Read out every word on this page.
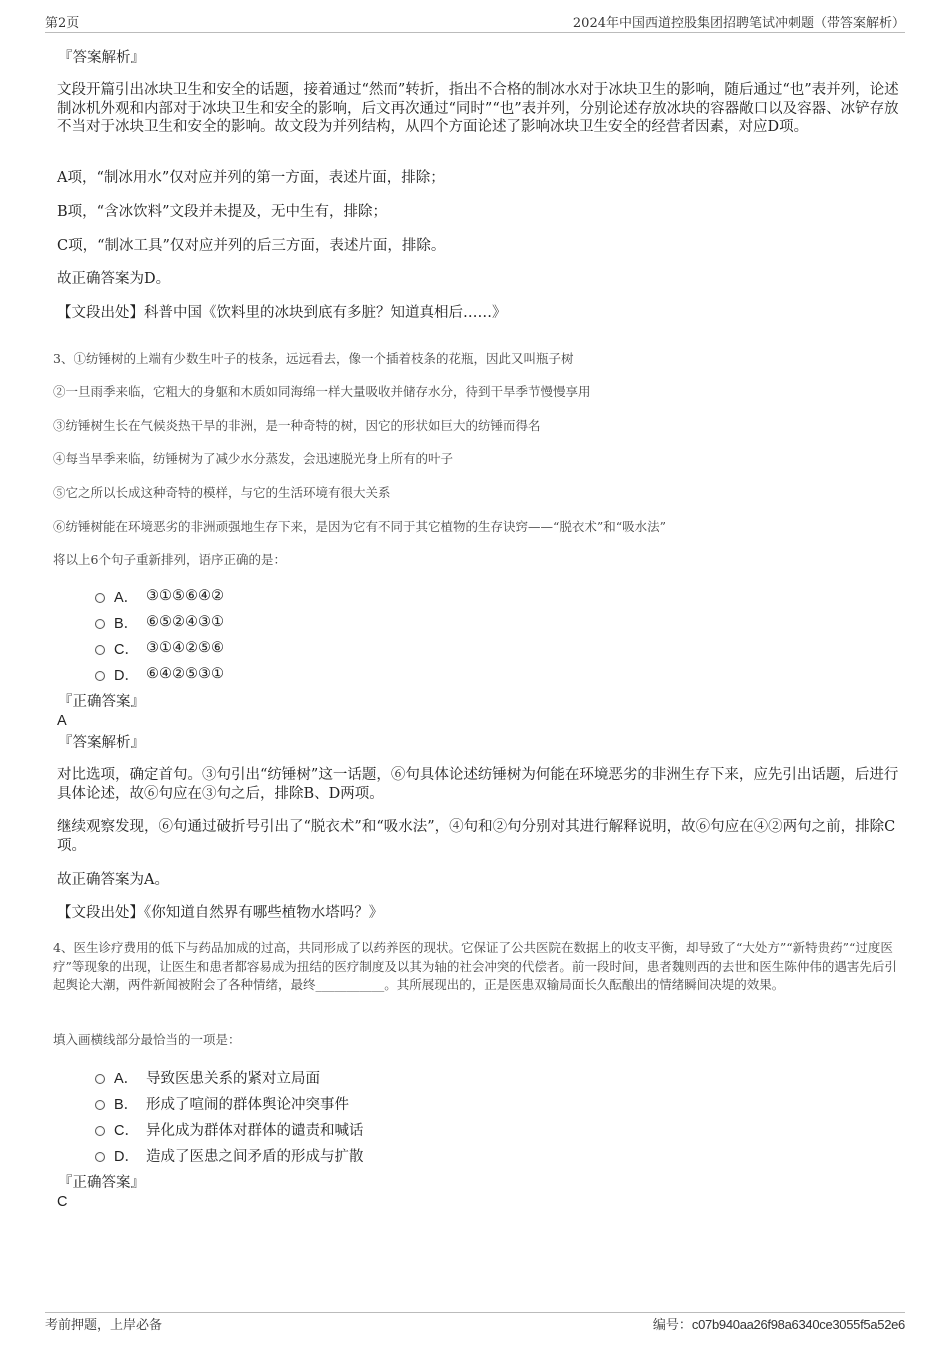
第2页	2024年中国西道控股集团招聘笔试冲刺题（带答案解析）
『答案解析』
文段开篇引出冰块卫生和安全的话题，接着通过“然而”转折，指出不合格的制冰水对于冰块卫生的影响，随后通过“也”表并列，论述制冰机外观和内部对于冰块卫生和安全的影响，后文再次通过“同时”“也”表并列，分别论述存放冰块的容器敞口以及容器、冰铲存放不当对于冰块卫生和安全的影响。故文段为并列结构，从四个方面论述了影响冰块卫生安全的经营者因素，对应D项。
A项，“制冰用水”仅对应并列的第一方面，表述片面，排除；
B项，“含冰饮料”文段并未提及，无中生有，排除；
C项，“制冰工具”仅对应并列的后三方面，表述片面，排除。
故正确答案为D。
【文段出处】科普中国《饮料里的冰块到底有多脏？知道真相后……》
3、①纺锤树的上端有少数生叶子的枝条，远远看去，像一个插着枝条的花瓶，因此又叫瓶子树
②一旦雨季来临，它粗大的身躯和木质如同海绵一样大量吸收并储存水分，待到干旱季节慢慢享用
③纺锤树生长在气候炎热干旱的非洲，是一种奇特的树，因它的形状如巨大的纺锤而得名
④每当旱季来临，纺锤树为了减少水分蒸发，会迅速脱光身上所有的叶子
⑤它之所以长成这种奇特的模样，与它的生活环境有很大关系
⑥纺锤树能在环境恶劣的非洲顽强地生存下来，是因为它有不同于其它植物的生存诀窍——“脱衣术”和“吸水法”
将以上6个句子重新排列，语序正确的是：
A． ③①⑤⑥④②
B． ⑥⑤②④③①
C． ③①④②⑤⑥
D． ⑥④②⑤③①
『正确答案』
A
『答案解析』
对比选项，确定首句。③句引出“纺锤树”这一话题，⑥句具体论述纺锤树为何能在环境恶劣的非洲生存下来，应先引出话题，后进行具体论述，故⑥句应在③句之后，排除B、D两项。
继续观察发现，⑥句通过破折号引出了“脱衣术”和“吸水法”，④句和②句分别对其进行解释说明，故⑥句应在④②两句之前，排除C项。
故正确答案为A。
【文段出处】《你知道自然界有哪些植物水塔吗？》
4、医生诊疗费用的低下与药品加成的过高，共同形成了以药养医的现状。它保证了公共医院在数据上的收支平衡，却导致了“大处方”“新特贵药”“过度医疗”等现象的出现，让医生和患者都容易成为扭结的医疗制度及以其为轴的社会冲突的代偿者。前一段时间，患者魏则西的去世和医生陈仲伟的遇害先后引起舆论大潮，两件新闻被附会了各种情绪，最终___________。其所展现出的，正是医患双输局面长久酝酿出的情绪瞬间决堤的效果。
填入画横线部分最恰当的一项是：
A． 导致医患关系的紧对立局面
B． 形成了喧闹的群体舆论冲突事件
C． 异化成为群体对群体的谴责和喊话
D． 造成了医患之间矛盾的形成与扩散
『正确答案』
C
考前押题，上岸必备	编号：c07b940aa26f98a6340ce3055f5a52e6
